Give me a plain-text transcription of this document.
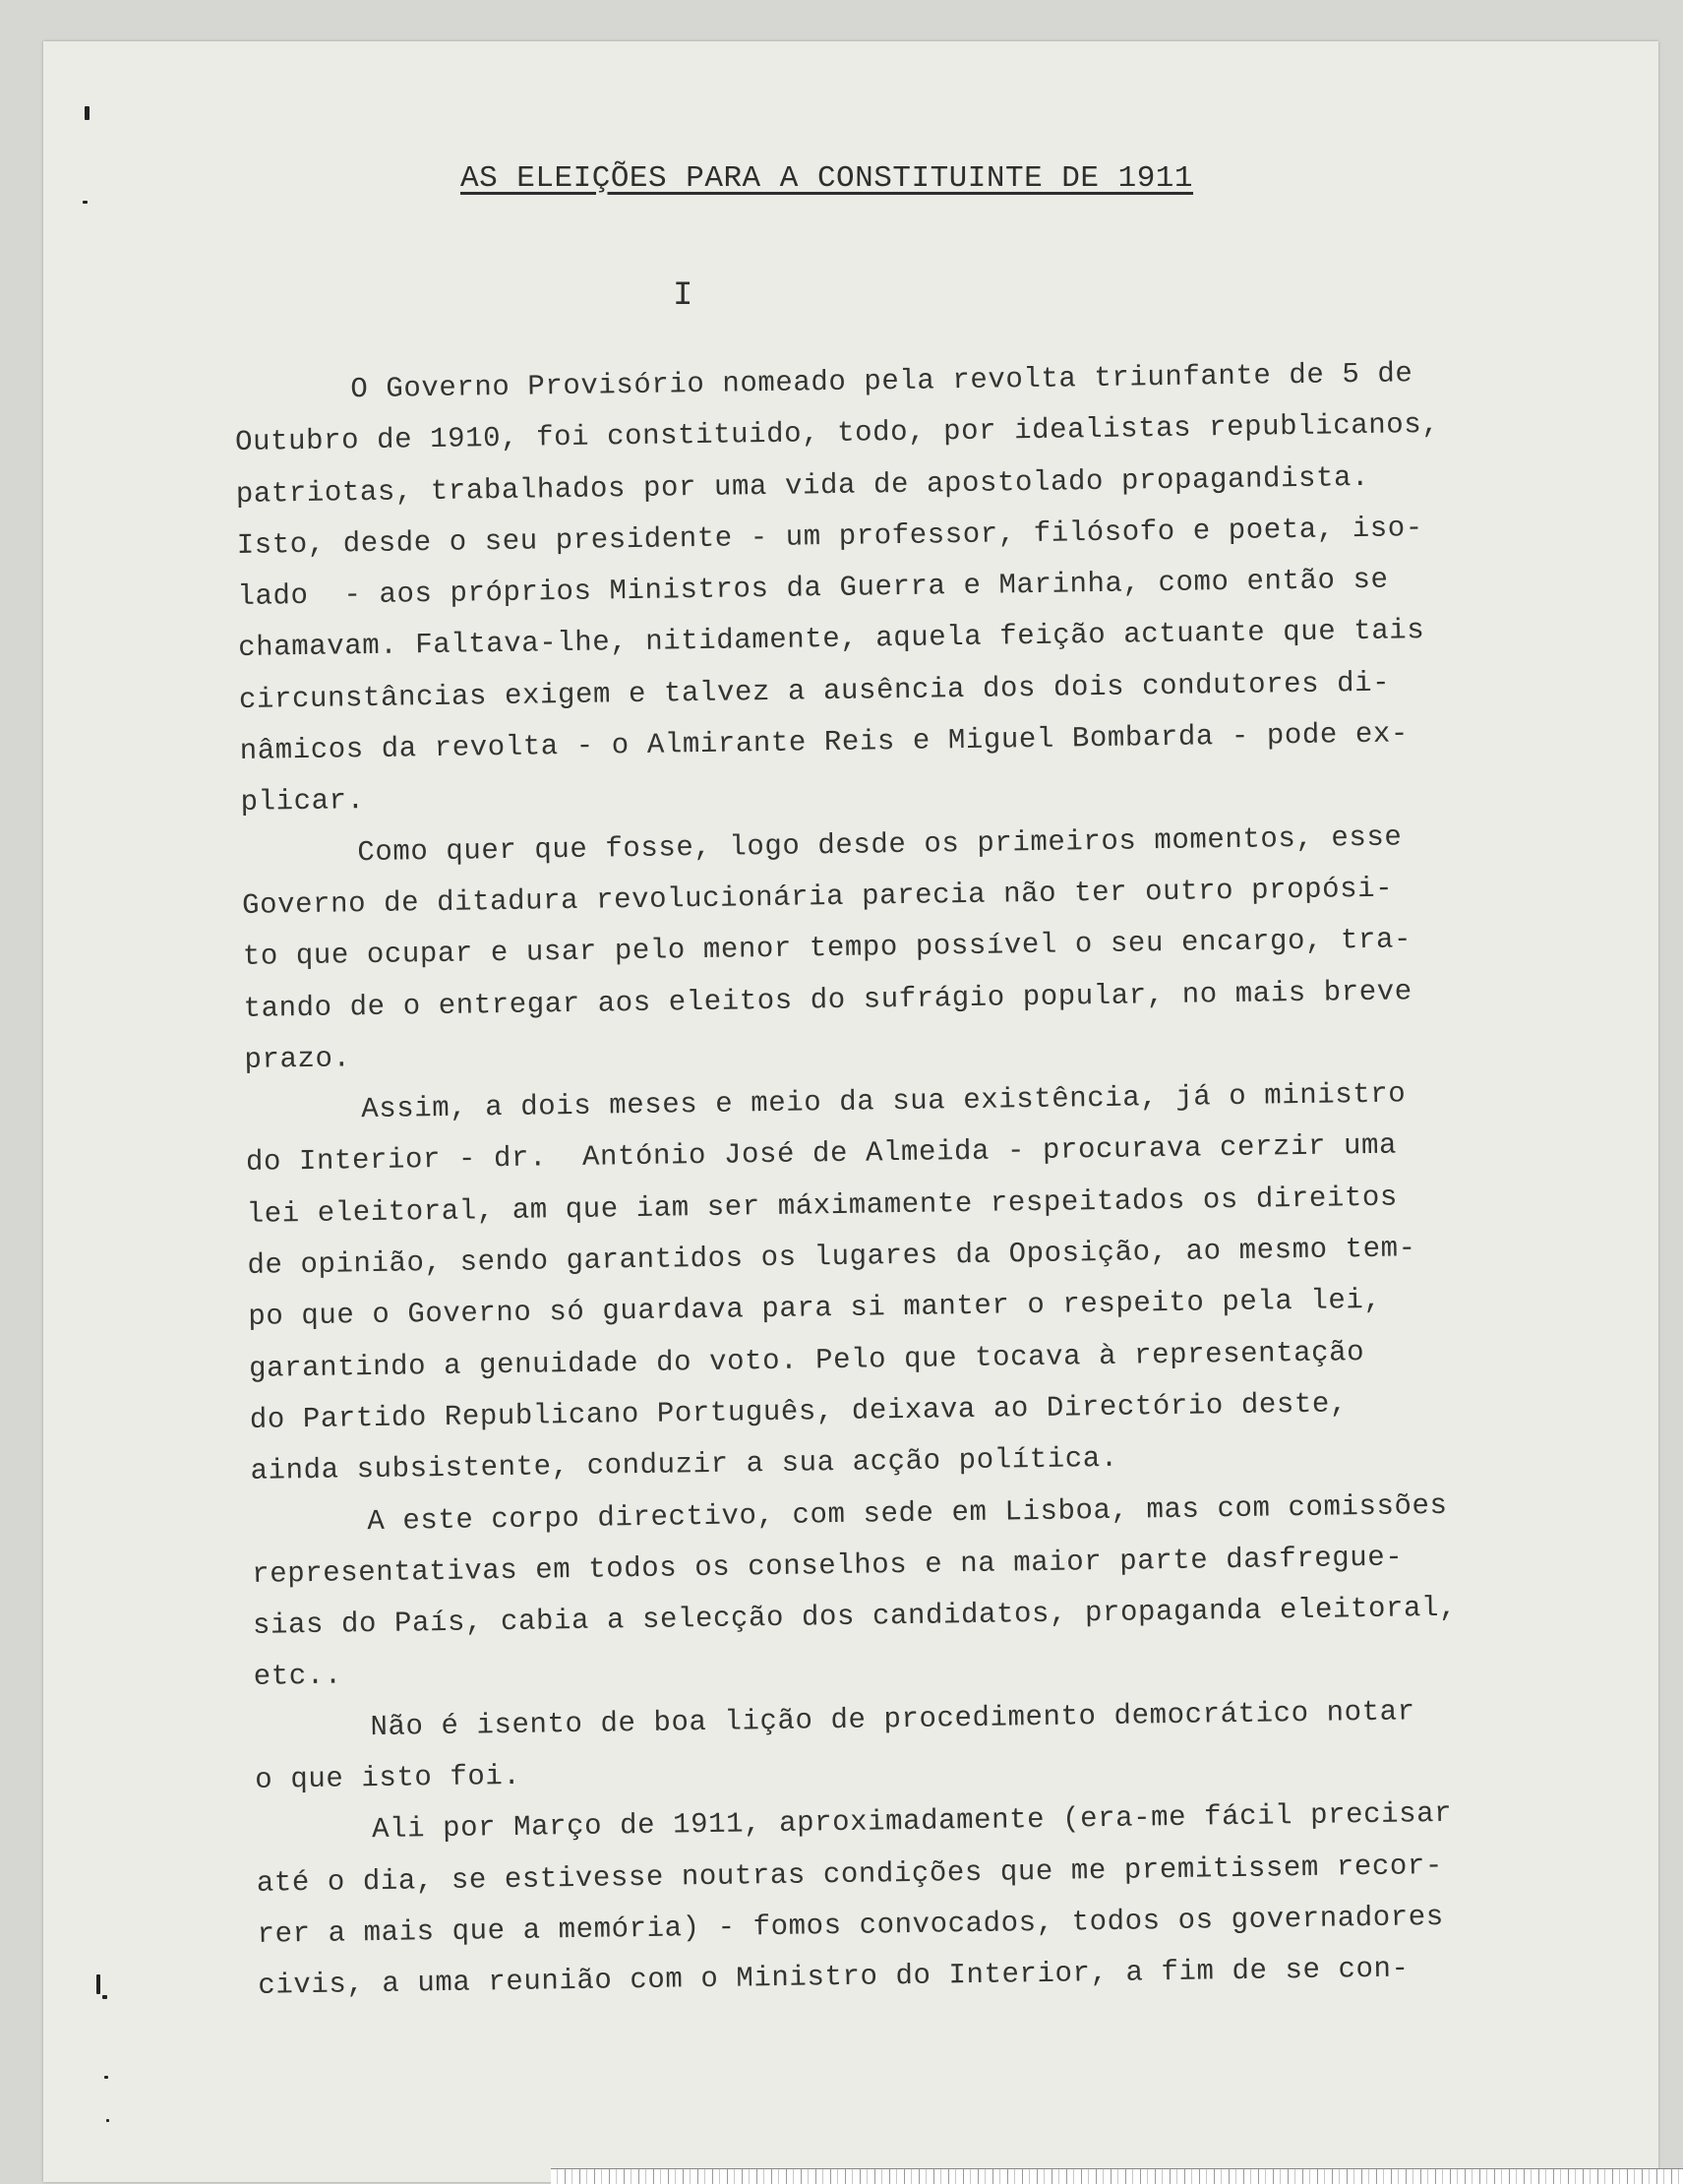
AS ELEIÇÕES PARA A CONSTITUINTE DE 1911
I
O Governo Provisório nomeado pela revolta triunfante de 5 de
Outubro de 1910, foi constituido, todo, por idealistas republicanos,
patriotas, trabalhados por uma vida de apostolado propagandista.
Isto, desde o seu presidente - um professor, filósofo e poeta, iso-
lado  - aos próprios Ministros da Guerra e Marinha, como então se
chamavam. Faltava-lhe, nitidamente, aquela feição actuante que tais
circunstâncias exigem e talvez a ausência dos dois condutores di-
nâmicos da revolta - o Almirante Reis e Miguel Bombarda - pode ex-
plicar.
Como quer que fosse, logo desde os primeiros momentos, esse
Governo de ditadura revolucionária parecia não ter outro propósi-
to que ocupar e usar pelo menor tempo possível o seu encargo, tra-
tando de o entregar aos eleitos do sufrágio popular, no mais breve
prazo.
Assim, a dois meses e meio da sua existência, já o ministro
do Interior - dr.  António José de Almeida - procurava cerzir uma
lei eleitoral, am que iam ser máximamente respeitados os direitos
de opinião, sendo garantidos os lugares da Oposição, ao mesmo tem-
po que o Governo só guardava para si manter o respeito pela lei,
garantindo a genuidade do voto. Pelo que tocava à representação
do Partido Republicano Português, deixava ao Directório deste,
ainda subsistente, conduzir a sua acção política.
A este corpo directivo, com sede em Lisboa, mas com comissões
representativas em todos os conselhos e na maior parte dasfregue-
sias do País, cabia a selecção dos candidatos, propaganda eleitoral,
etc..
Não é isento de boa lição de procedimento democrático notar
o que isto foi.
Ali por Março de 1911, aproximadamente (era-me fácil precisar
até o dia, se estivesse noutras condições que me premitissem recor-
rer a mais que a memória) - fomos convocados, todos os governadores
civis, a uma reunião com o Ministro do Interior, a fim de se con-
